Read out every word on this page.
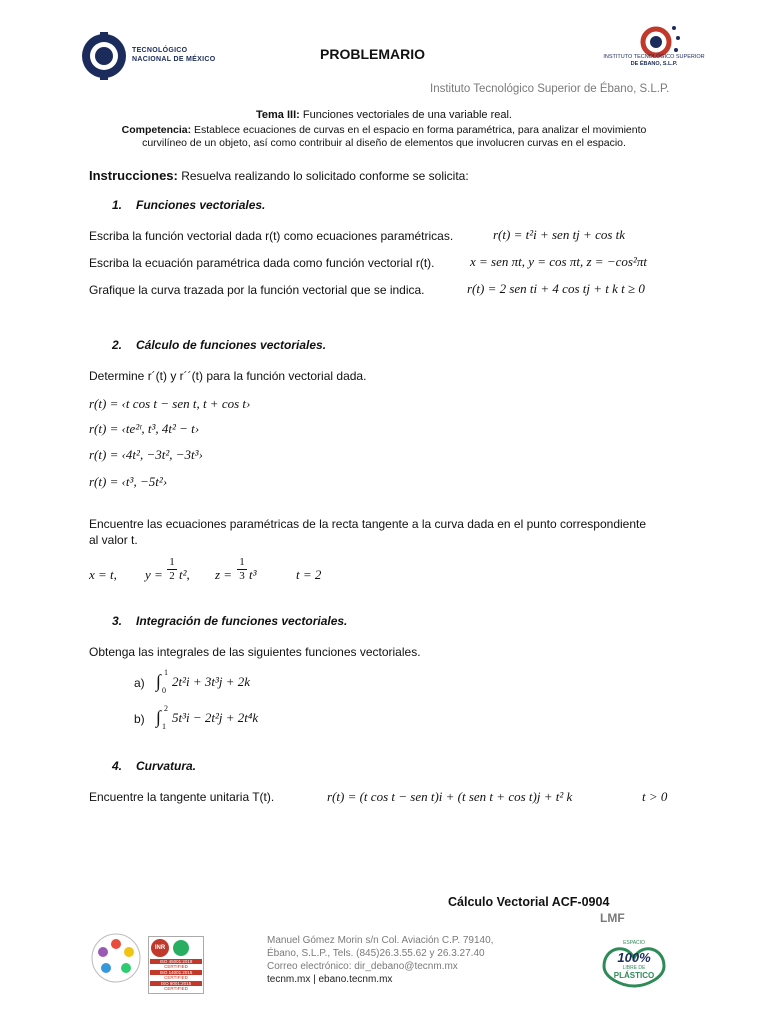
TECNOLÓGICO
NACIONAL DE MÉXICO	PROBLEMARIO	INSTITUTO TECNOLÓGICO SUPERIOR
DE ÉBANO, S.L.P.
Instituto Tecnológico Superior de Ébano, S.L.P.
Tema III: Funciones vectoriales de una variable real.
Competencia: Establece ecuaciones de curvas en el espacio en forma paramétrica, para analizar el movimiento
curvilíneo de un objeto, así como contribuir al diseño de elementos que involucren curvas en el espacio.
Instrucciones: Resuelva realizando lo solicitado conforme se solicita:
1. Funciones vectoriales.
Escriba la función vectorial dada r(t) como ecuaciones paramétricas.	r(t) = t²i + sen tj + cos tk
Escriba la ecuación paramétrica dada como función vectorial r(t).	x = sen πt, y = cos πt, z = −cos²πt
Grafique la curva trazada por la función vectorial que se indica.	r(t) = 2 sen ti + 4 cos tj + t k t ≥ 0
2. Cálculo de funciones vectoriales.
Determine r´(t) y r´´(t) para la función vectorial dada.
r(t) = ‹t cos t − sen t, t + cos t›
r(t) = ‹te²ᵗ, t³, 4t² − t›
r(t) = ‹4t², −3t², −3t³›
r(t) = ‹t³, −5t²›
Encuentre las ecuaciones paramétricas de la recta tangente a la curva dada en el punto correspondiente
al valor t.
x = t, y =
1
2 t², z =
1
3 t³	t = 2
3. Integración de funciones vectoriales.
Obtenga las integrales de las siguientes funciones vectoriales.
a) ∫ 1
0
2t²i + 3t³j + 2k
b) ∫ 2
1
5t³i − 2t²j + 2t⁴k
4. Curvatura.
Encuentre la tangente unitaria T(t).	r(t) = (t cos t − sen t)i + (t sen t + cos t)j + t² k	t > 0
Cálculo Vectorial ACF-0904
LMF
INR
ISO 45001:2018
CERTIFIED
ISO 14001:2015
CERTIFIED
ISO 9001:2015
CERTIFIED
Manuel Gómez Morin s/n Col. Aviación C.P. 79140,
Ébano, S.L.P., Tels. (845)26.3.55.62 y 26.3.27.40
Correo electrónico: dir_debano@tecnm.mx
tecnm.mx | ebano.tecnm.mx
ESPACIO
100%
LIBRE DE
PLÁSTICO
